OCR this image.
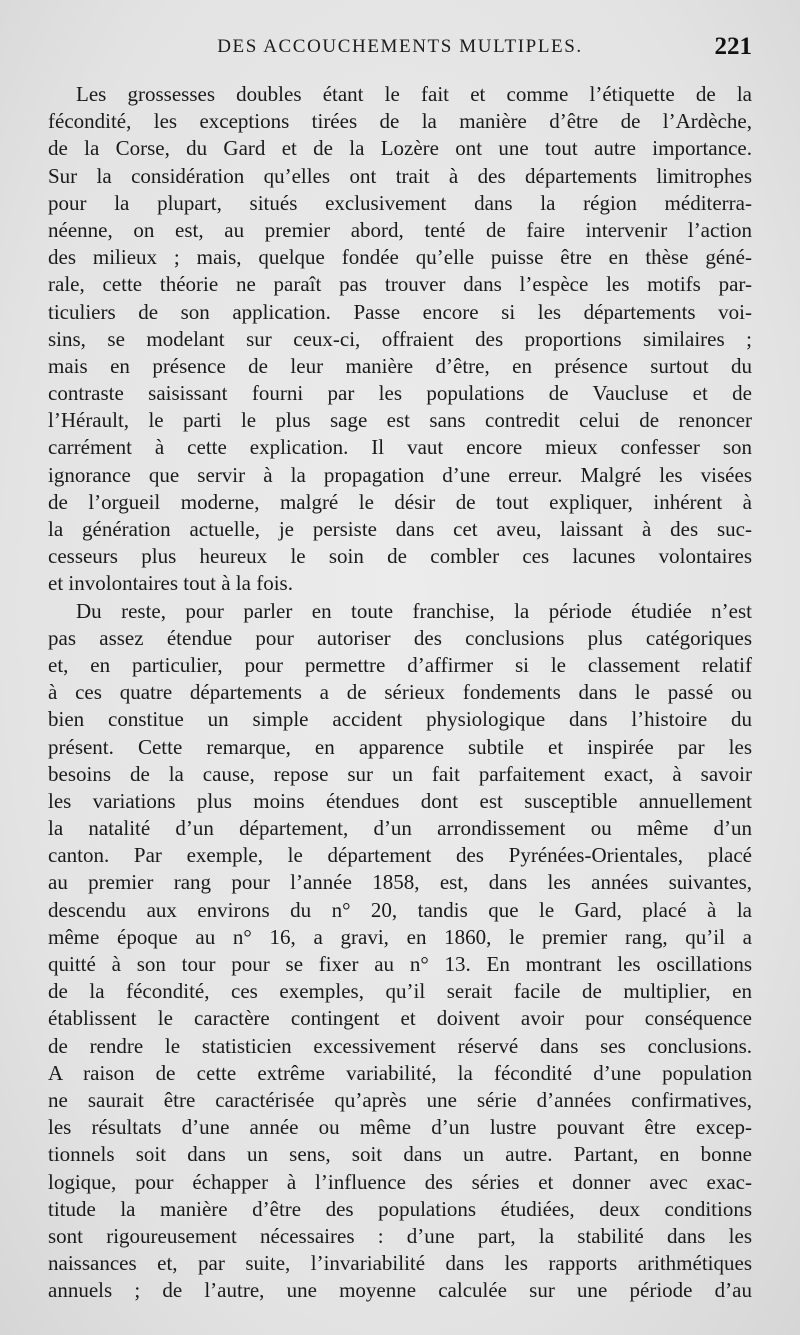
DES ACCOUCHEMENTS MULTIPLES.	221
Les grossesses doubles étant le fait et comme l’étiquette de la
fécondité, les exceptions tirées de la manière d’être de l’Ardèche,
de la Corse, du Gard et de la Lozère ont une tout autre importance.
Sur la considération qu’elles ont trait à des départements limitrophes
pour la plupart, situés exclusivement dans la région méditerra-
néenne, on est, au premier abord, tenté de faire intervenir l’action
des milieux ; mais, quelque fondée qu’elle puisse être en thèse géné-
rale, cette théorie ne paraît pas trouver dans l’espèce les motifs par-
ticuliers de son application. Passe encore si les départements voi-
sins, se modelant sur ceux-ci, offraient des proportions similaires ;
mais en présence de leur manière d’être, en présence surtout du
contraste saisissant fourni par les populations de Vaucluse et de
l’Hérault, le parti le plus sage est sans contredit celui de renoncer
carrément à cette explication. Il vaut encore mieux confesser son
ignorance que servir à la propagation d’une erreur. Malgré les visées
de l’orgueil moderne, malgré le désir de tout expliquer, inhérent à
la génération actuelle, je persiste dans cet aveu, laissant à des suc-
cesseurs plus heureux le soin de combler ces lacunes volontaires
et involontaires tout à la fois.
Du reste, pour parler en toute franchise, la période étudiée n’est
pas assez étendue pour autoriser des conclusions plus catégoriques
et, en particulier, pour permettre d’affirmer si le classement relatif
à ces quatre départements a de sérieux fondements dans le passé ou
bien constitue un simple accident physiologique dans l’histoire du
présent. Cette remarque, en apparence subtile et inspirée par les
besoins de la cause, repose sur un fait parfaitement exact, à savoir
les variations plus moins étendues dont est susceptible annuellement
la natalité d’un département, d’un arrondissement ou même d’un
canton. Par exemple, le département des Pyrénées-Orientales, placé
au premier rang pour l’année 1858, est, dans les années suivantes,
descendu aux environs du n° 20, tandis que le Gard, placé à la
même époque au n° 16, a gravi, en 1860, le premier rang, qu’il a
quitté à son tour pour se fixer au n° 13. En montrant les oscillations
de la fécondité, ces exemples, qu’il serait facile de multiplier, en
établissent le caractère contingent et doivent avoir pour conséquence
de rendre le statisticien excessivement réservé dans ses conclusions.
A raison de cette extrême variabilité, la fécondité d’une population
ne saurait être caractérisée qu’après une série d’années confirmatives,
les résultats d’une année ou même d’un lustre pouvant être excep-
tionnels soit dans un sens, soit dans un autre. Partant, en bonne
logique, pour échapper à l’influence des séries et donner avec exac-
titude la manière d’être des populations étudiées, deux conditions
sont rigoureusement nécessaires : d’une part, la stabilité dans les
naissances et, par suite, l’invariabilité dans les rapports arithmétiques
annuels ; de l’autre, une moyenne calculée sur une période d’au
